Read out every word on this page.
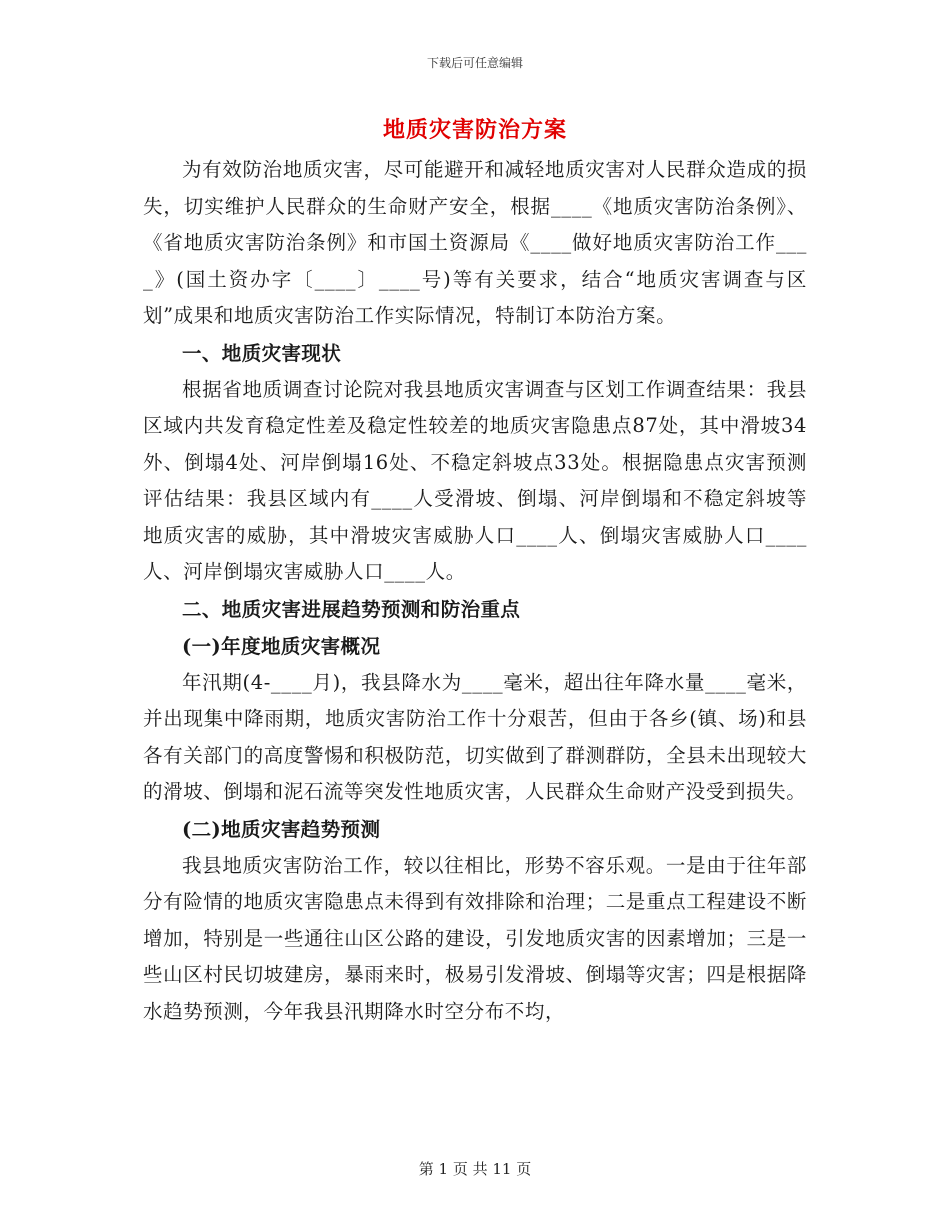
下载后可任意编辑
地质灾害防治方案

为有效防治地质灾害，尽可能避开和减轻地质灾害对人民群众造成的损失，切实维护人民群众的生命财产安全，根据____《地质灾害防治条例》、《省地质灾害防治条例》和市国土资源局《____做好地质灾害防治工作____》(国土资办字〔____〕____号)等有关要求，结合“地质灾害调查与区划”成果和地质灾害防治工作实际情况，特制订本防治方案。

一、地质灾害现状

根据省地质调查讨论院对我县地质灾害调查与区划工作调查结果：我县区域内共发育稳定性差及稳定性较差的地质灾害隐患点87处，其中滑坡34外、倒塌4处、河岸倒塌16处、不稳定斜坡点33处。根据隐患点灾害预测评估结果：我县区域内有____人受滑坡、倒塌、河岸倒塌和不稳定斜坡等地质灾害的威胁，其中滑坡灾害威胁人口____人、倒塌灾害威胁人口____人、河岸倒塌灾害威胁人口____人。

二、地质灾害进展趋势预测和防治重点

(一)年度地质灾害概况

年汛期(4-____月)，我县降水为____毫米，超出往年降水量____毫米，并出现集中降雨期，地质灾害防治工作十分艰苦，但由于各乡(镇、场)和县各有关部门的高度警惕和积极防范，切实做到了群测群防，全县未出现较大的滑坡、倒塌和泥石流等突发性地质灾害，人民群众生命财产没受到损失。

(二)地质灾害趋势预测

我县地质灾害防治工作，较以往相比，形势不容乐观。一是由于往年部分有险情的地质灾害隐患点未得到有效排除和治理；二是重点工程建设不断增加，特别是一些通往山区公路的建设，引发地质灾害的因素增加；三是一些山区村民切坡建房，暴雨来时，极易引发滑坡、倒塌等灾害；四是根据降水趋势预测，今年我县汛期降水时空分布不均，

第 1 页 共 11 页
